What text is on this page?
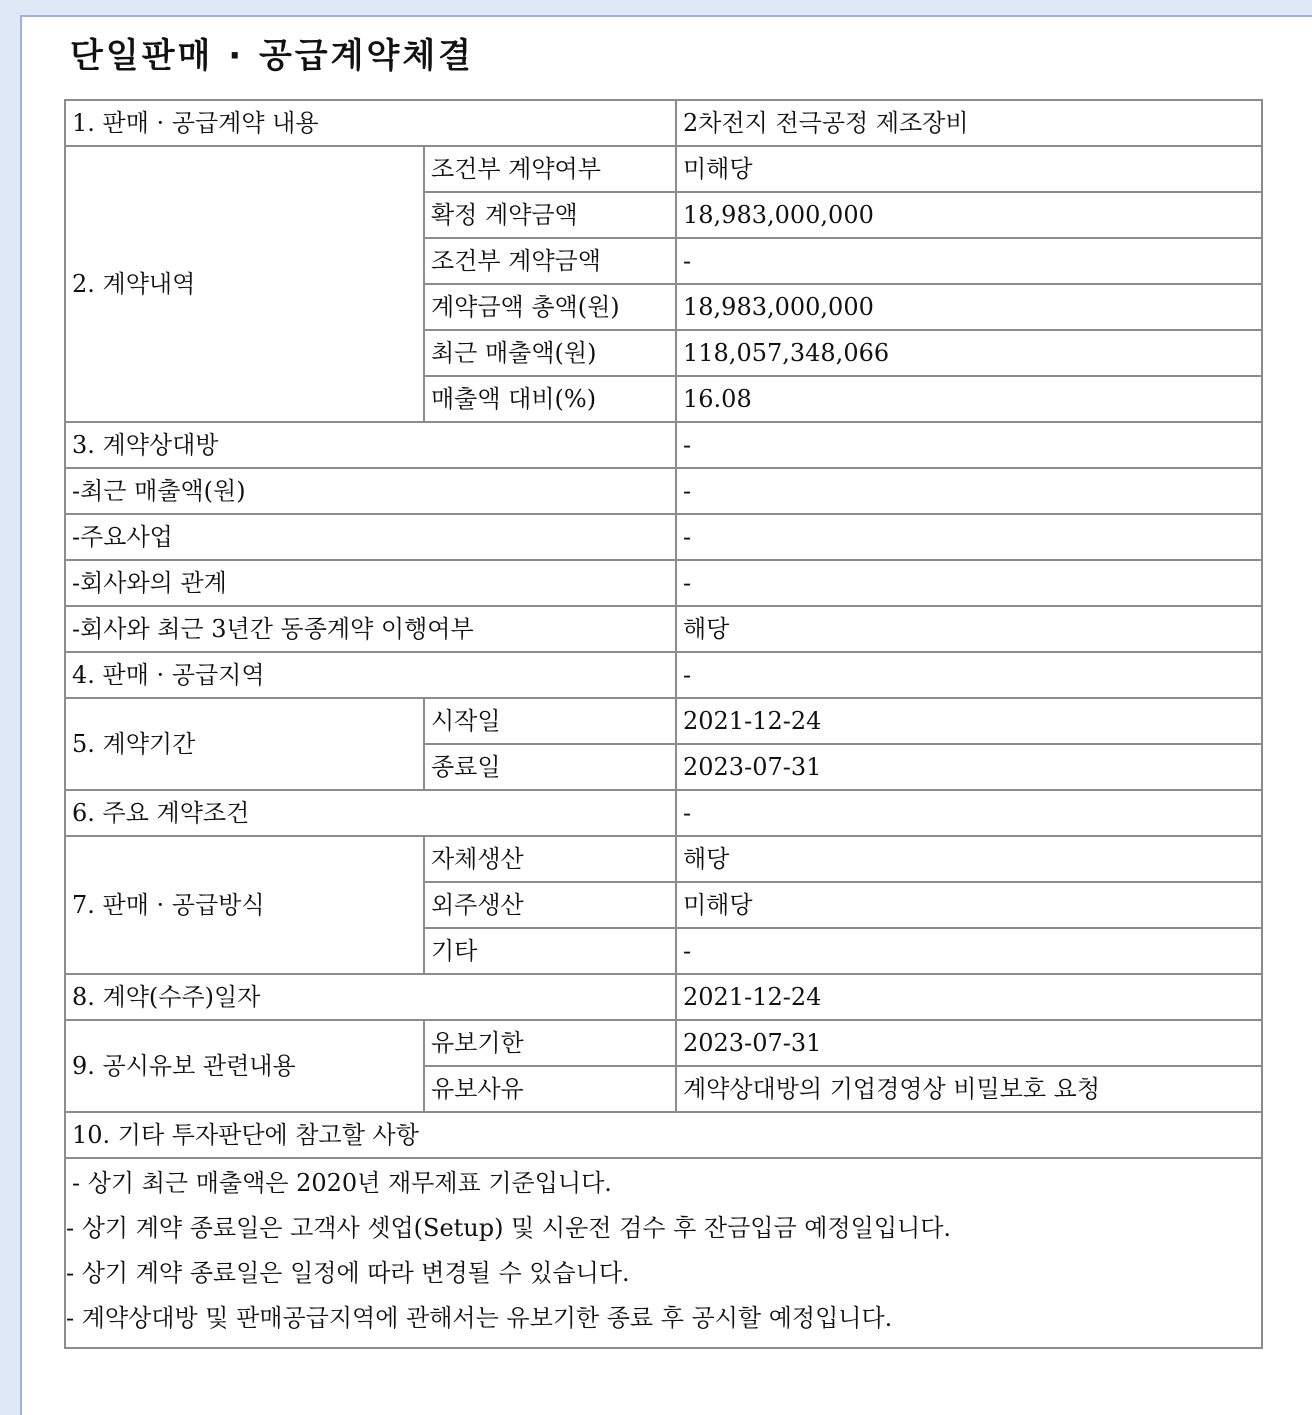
단일판매 · 공급계약체결
1. 판매 · 공급계약 내용		2차전지 전극공정 제조장비
2. 계약내역	조건부 계약여부	미해당
	확정 계약금액	18,983,000,000
	조건부 계약금액	-
	계약금액 총액(원)	18,983,000,000
	최근 매출액(원)	118,057,348,066
	매출액 대비(%)	16.08
3. 계약상대방		-
-최근 매출액(원)		-
-주요사업		-
-회사와의 관계		-
-회사와 최근 3년간 동종계약 이행여부		해당
4. 판매 · 공급지역		-
5. 계약기간	시작일	2021-12-24
	종료일	2023-07-31
6. 주요 계약조건		-
7. 판매 · 공급방식	자체생산	해당
	외주생산	미해당
	기타	-
8. 계약(수주)일자		2021-12-24
9. 공시유보 관련내용	유보기한	2023-07-31
	유보사유	계약상대방의 기업경영상 비밀보호 요청
10. 기타 투자판단에 참고할 사항		

- 상기 최근 매출액은 2020년 재무제표 기준입니다.
- 상기 계약 종료일은 고객사 셋업(Setup) 및 시운전 검수 후 잔금입금 예정일입니다.
- 상기 계약 종료일은 일정에 따라 변경될 수 있습니다.
- 계약상대방 및 판매공급지역에 관해서는 유보기한 종료 후 공시할 예정입니다.		
